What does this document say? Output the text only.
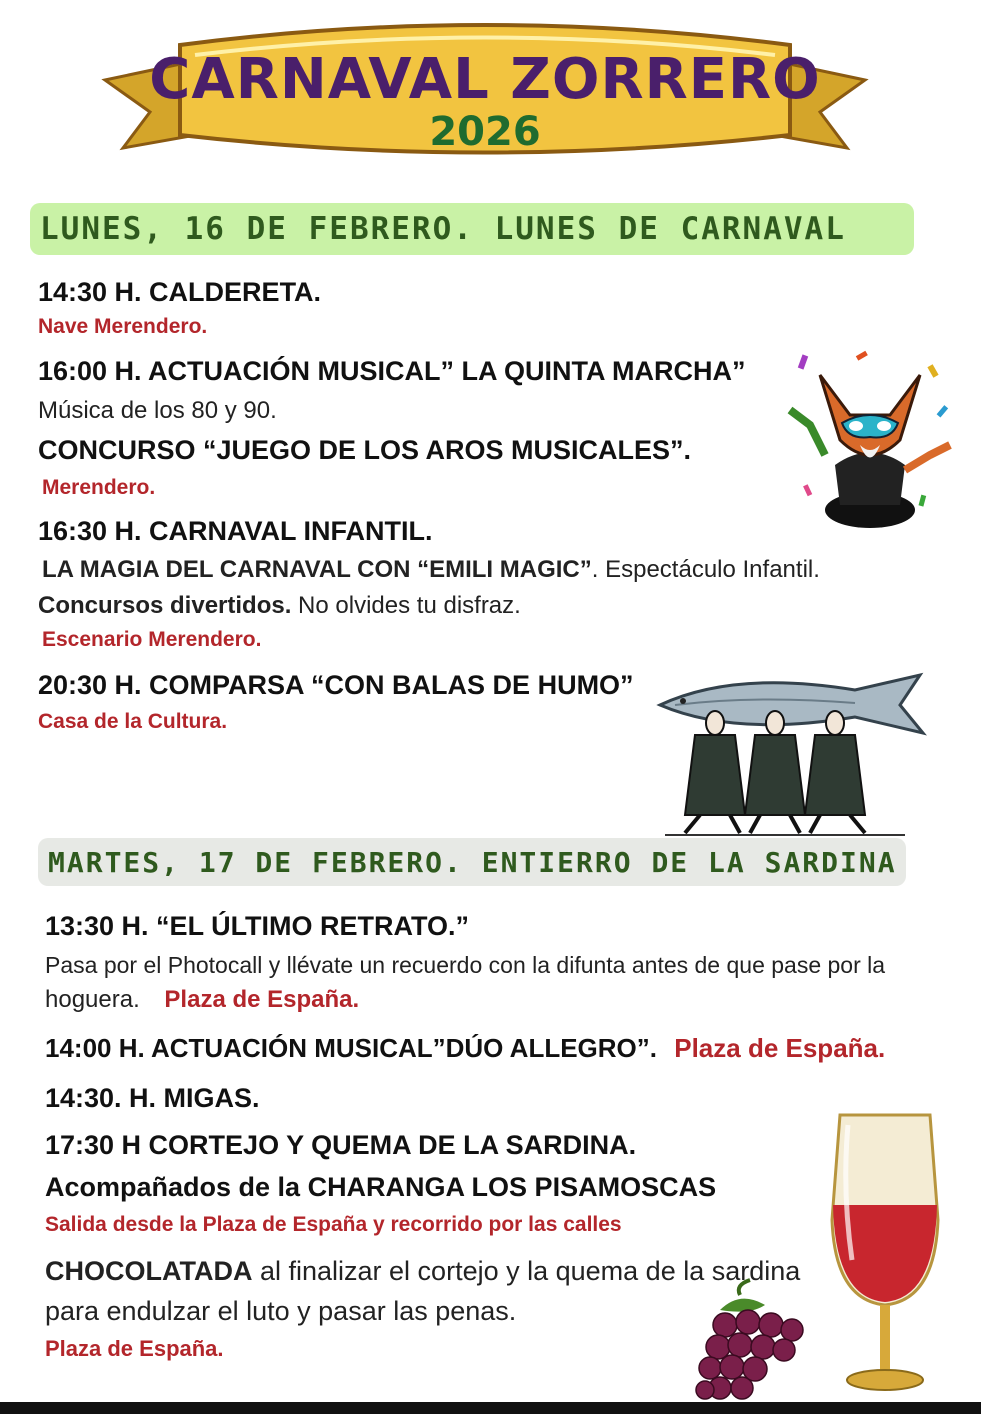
CARNAVAL ZORRERO
2026
LUNES, 16 DE FEBRERO. LUNES DE CARNAVAL
14:30 H. CALDERETA.
Nave Merendero.
16:00 H. ACTUACIÓN MUSICAL” LA QUINTA MARCHA”
Música de los 80 y 90.
CONCURSO “JUEGO DE LOS AROS MUSICALES”.
Merendero.
16:30 H. CARNAVAL INFANTIL.
LA MAGIA DEL CARNAVAL CON “EMILI MAGIC”. Espectáculo Infantil.
Concursos divertidos. No olvides tu disfraz.
Escenario Merendero.
20:30 H. COMPARSA “CON BALAS DE HUMO”
Casa de la Cultura.
MARTES, 17 DE FEBRERO. ENTIERRO DE LA SARDINA
13:30 H. “EL ÚLTIMO RETRATO.”
Pasa por el Photocall y llévate un recuerdo con la difunta antes de que pase por la
hoguera. Plaza de España.
14:00 H. ACTUACIÓN MUSICAL”DÚO ALLEGRO”. Plaza de España.
14:30. H. MIGAS.
17:30 H CORTEJO Y QUEMA DE LA SARDINA.
Acompañados de la CHARANGA LOS PISAMOSCAS
Salida desde la Plaza de España y recorrido por las calles
CHOCOLATADA al finalizar el cortejo y la quema de la sardina
para endulzar el luto y pasar las penas.
Plaza de España.
